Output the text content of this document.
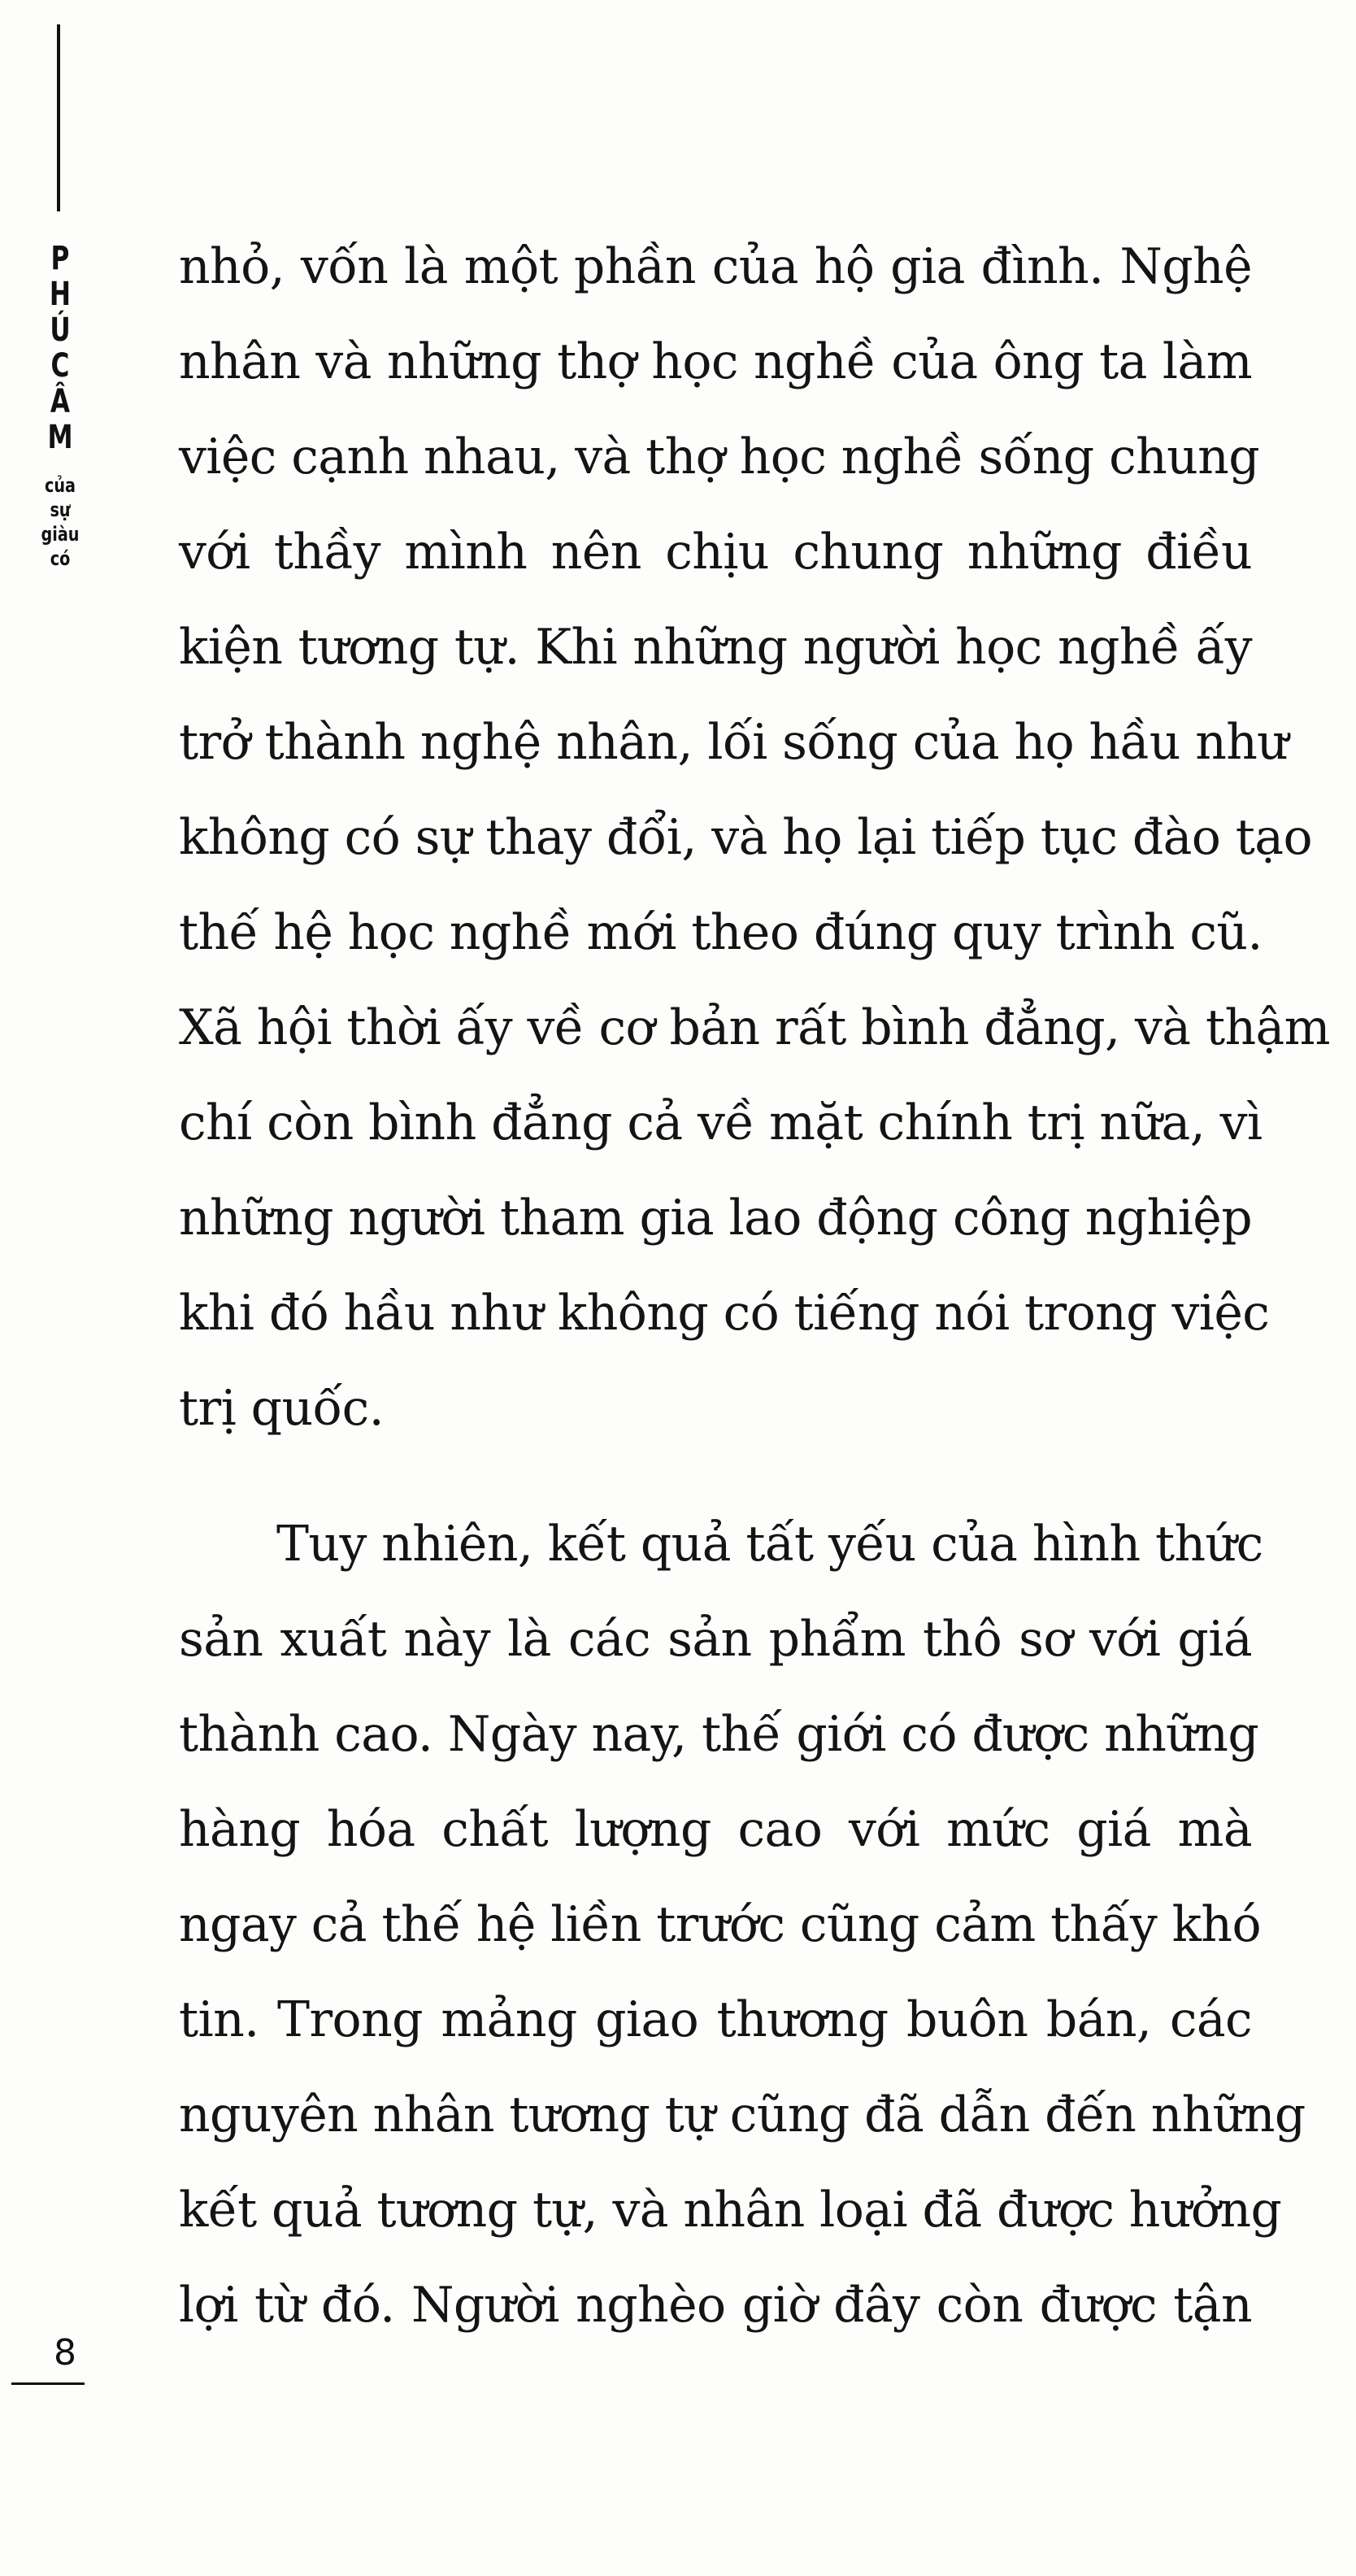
P
H
Ú
C
Â
M
của
sự
giàu
có

nhỏ, vốn là một phần của hộ gia đình. Nghệ
nhân và những thợ học nghề của ông ta làm
việc cạnh nhau, và thợ học nghề sống chung
với thầy mình nên chịu chung những điều
kiện tương tự. Khi những người học nghề ấy
trở thành nghệ nhân, lối sống của họ hầu như
không có sự thay đổi, và họ lại tiếp tục đào tạo
thế hệ học nghề mới theo đúng quy trình cũ.
Xã hội thời ấy về cơ bản rất bình đẳng, và thậm
chí còn bình đẳng cả về mặt chính trị nữa, vì
những người tham gia lao động công nghiệp
khi đó hầu như không có tiếng nói trong việc
trị quốc.

Tuy nhiên, kết quả tất yếu của hình thức
sản xuất này là các sản phẩm thô sơ với giá
thành cao. Ngày nay, thế giới có được những
hàng hóa chất lượng cao với mức giá mà
ngay cả thế hệ liền trước cũng cảm thấy khó
tin. Trong mảng giao thương buôn bán, các
nguyên nhân tương tự cũng đã dẫn đến những
kết quả tương tự, và nhân loại đã được hưởng
lợi từ đó. Người nghèo giờ đây còn được tận

8
